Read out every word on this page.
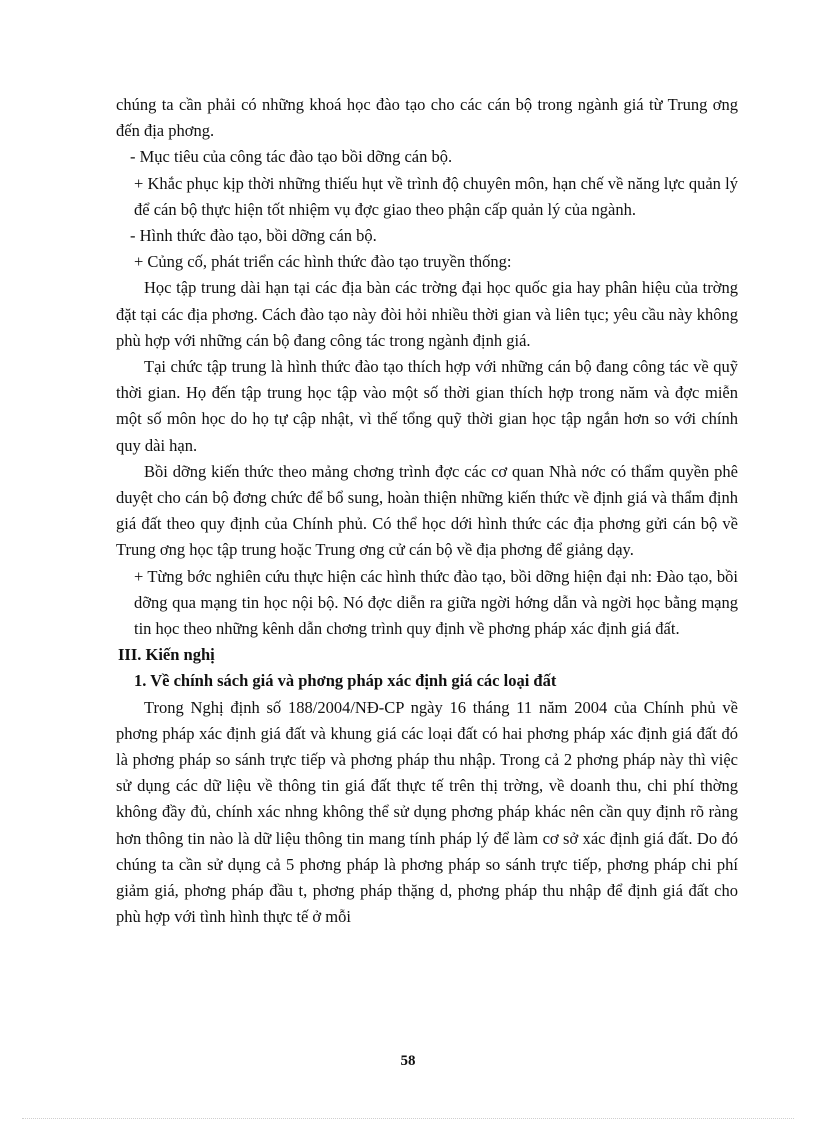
chúng ta cần phải có những khoá học đào tạo cho các cán bộ trong ngành giá từ Trung ơng đến địa phơng.

- Mục tiêu của công tác đào tạo bồi dỡng cán bộ.

+ Khắc phục kịp thời những thiếu hụt về trình độ chuyên môn, hạn chế về năng lực quản lý để cán bộ thực hiện tốt nhiệm vụ đợc giao theo phận cấp quản lý của ngành.

- Hình thức đào tạo, bồi dỡng cán bộ.

+ Củng cố, phát triển các hình thức đào tạo truyền thống:

Học tập trung dài hạn tại các địa bàn các trờng đại học quốc gia hay phân hiệu của trờng đặt tại các địa phơng. Cách đào tạo này đòi hỏi nhiều thời gian và liên tục; yêu cầu này không phù hợp với những cán bộ đang công tác trong ngành định giá.

Tại chức tập trung là hình thức đào tạo thích hợp với những cán bộ đang công tác về quỹ thời gian. Họ đến tập trung học tập vào một số thời gian thích hợp trong năm và đợc miễn một số môn học do họ tự cập nhật, vì thế tổng quỹ thời gian học tập ngắn hơn so với chính quy dài hạn.

Bồi dỡng kiến thức theo mảng chơng trình đợc các cơ quan Nhà nớc có thẩm quyền phê duyệt cho cán bộ đơng chức để bổ sung, hoàn thiện những kiến thức về định giá và thẩm định giá đất theo quy định của Chính phủ. Có thể học dới hình thức các địa phơng gửi cán bộ về Trung ơng học tập trung hoặc Trung ơng cử cán bộ về địa phơng để giảng dạy.

+ Từng bớc nghiên cứu thực hiện các hình thức đào tạo, bồi dỡng hiện đại nh: Đào tạo, bồi dỡng qua mạng tin học nội bộ. Nó đợc diễn ra giữa ngời hớng dẫn và ngời học bằng mạng tin học theo những kênh dẫn chơng trình quy định về phơng pháp xác định giá đất.

III. Kiến nghị

1. Về chính sách giá và phơng pháp xác định giá các loại đất

Trong Nghị định số 188/2004/NĐ-CP ngày 16 tháng 11 năm 2004 của Chính phủ về phơng pháp xác định giá đất và khung giá các loại đất có hai phơng pháp xác định giá đất đó là phơng pháp so sánh trực tiếp và phơng pháp thu nhập. Trong cả 2 phơng pháp này thì việc sử dụng các dữ liệu về thông tin giá đất thực tế trên thị trờng, về doanh thu, chi phí thờng không đầy đủ, chính xác nhng không thể sử dụng phơng pháp khác nên cần quy định rõ ràng hơn thông tin nào là dữ liệu thông tin mang tính pháp lý để làm cơ sở xác định giá đất. Do đó chúng ta cần sử dụng cả 5 phơng pháp là phơng pháp so sánh trực tiếp, phơng pháp chi phí giảm giá, phơng pháp đầu t, phơng pháp thặng d, phơng pháp thu nhập để định giá đất cho phù hợp với tình hình thực tế ở mỗi

58
